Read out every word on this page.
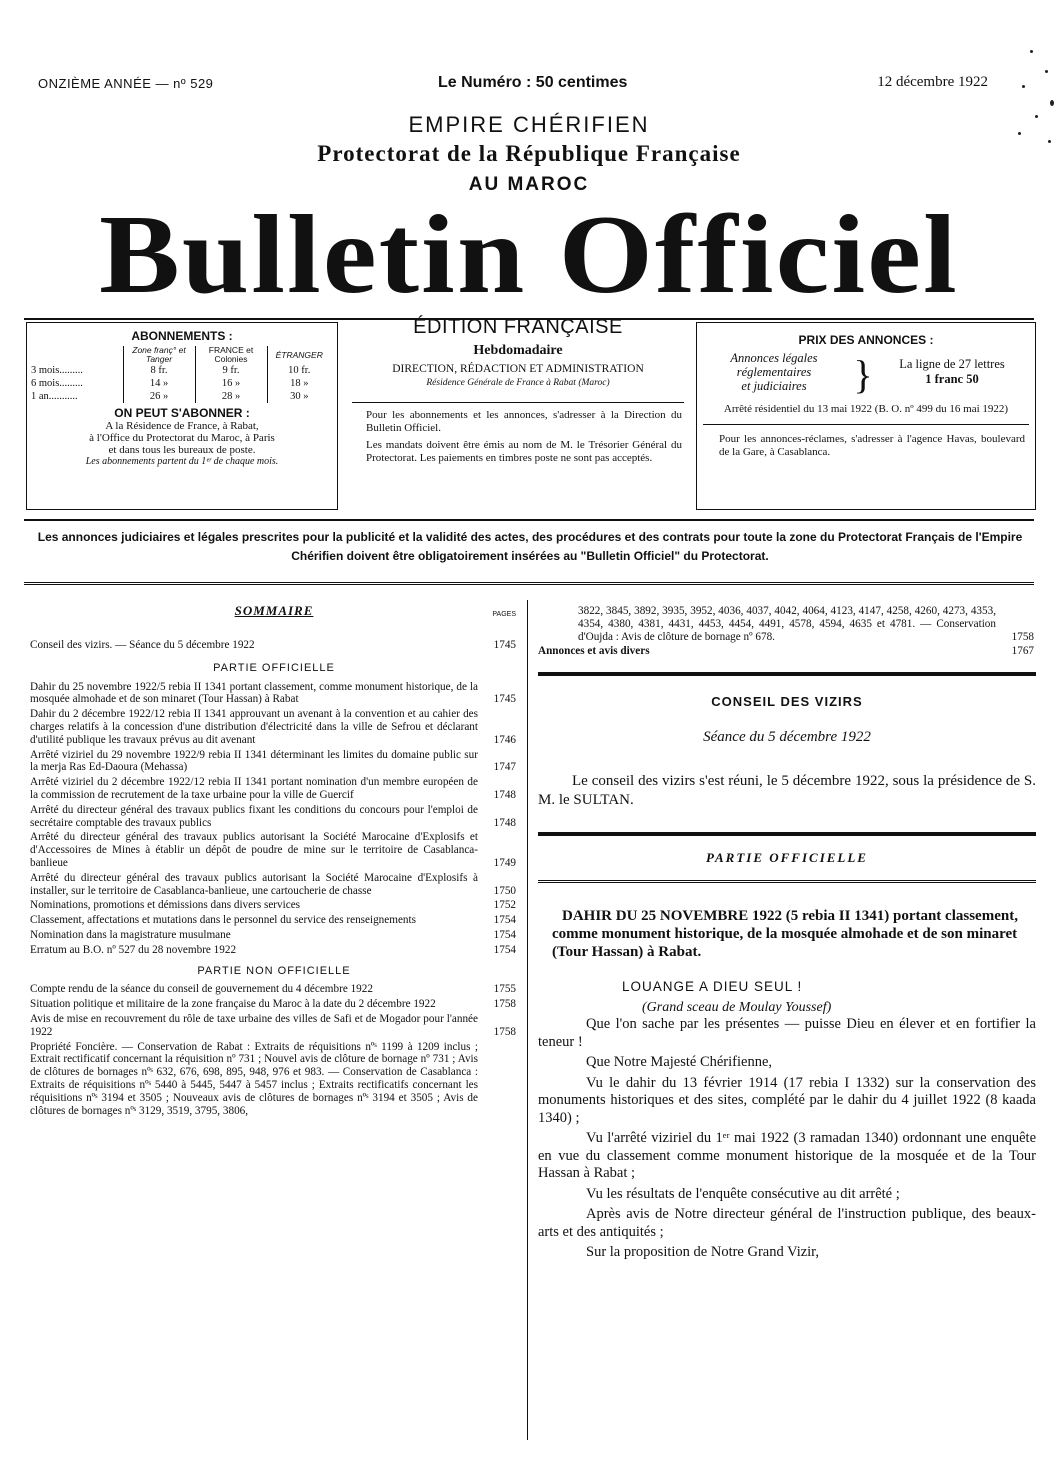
ONZIÈME ANNÉE — nº 529	Le Numéro : 50 centimes	12 décembre 1922
EMPIRE CHÉRIFIEN
Protectorat de la République Française
AU MAROC
Bulletin Officiel
ABONNEMENTS :
	Zone franç° et Tanger	FRANCE et Colonies	ÉTRANGER
3 mois.........	8 fr.	9 fr.	10 fr.
6 mois.........	14 »	16 »	18 »
1 an...........	26 »	28 »	30 »
ON PEUT S'ABONNER :
A la Résidence de France, à Rabat,
à l'Office du Protectorat du Maroc, à Paris
et dans tous les bureaux de poste.
Les abonnements partent du 1ᵉʳ de chaque mois.
ÉDITION FRANÇAISE
Hebdomadaire
DIRECTION, RÉDACTION ET ADMINISTRATION
Résidence Générale de France à Rabat (Maroc)
Pour les abonnements et les annonces, s'adresser à la Direction du Bulletin Officiel.
Les mandats doivent être émis au nom de M. le Trésorier Général du Protectorat. Les paiements en timbres poste ne sont pas acceptés.
PRIX DES ANNONCES :
Annonces légales
réglementaires
et judiciaires	}	La ligne de 27 lettres
1 franc 50
Arrêté résidentiel du 13 mai 1922 (B. O. nº 499 du 16 mai 1922)
Pour les annonces-réclames, s'adresser à l'agence Havas, boulevard de la Gare, à Casablanca.
Les annonces judiciaires et légales prescrites pour la publicité et la validité des actes, des procédures et des contrats pour toute la zone du Protectorat Français de l'Empire Chérifien doivent être obligatoirement insérées au "Bulletin Officiel" du Protectorat.
SOMMAIRE	PAGES
Conseil des vizirs. — Séance du 5 décembre 1922	1745
PARTIE OFFICIELLE
Dahir du 25 novembre 1922/5 rebia II 1341 portant classement, comme monument historique, de la mosquée almohade et de son minaret (Tour Hassan) à Rabat	1745
Dahir du 2 décembre 1922/12 rebia II 1341 approuvant un avenant à la convention et au cahier des charges relatifs à la concession d'une distribution d'électricité dans la ville de Sefrou et déclarant d'utilité publique les travaux prévus au dit avenant	1746
Arrêté viziriel du 29 novembre 1922/9 rebia II 1341 déterminant les limites du domaine public sur la merja Ras Ed-Daoura (Mehassa)	1747
Arrêté viziriel du 2 décembre 1922/12 rebia II 1341 portant nomination d'un membre européen de la commission de recrutement de la taxe urbaine pour la ville de Guercif	1748
Arrêté du directeur général des travaux publics fixant les conditions du concours pour l'emploi de secrétaire comptable des travaux publics	1748
Arrêté du directeur général des travaux publics autorisant la Société Marocaine d'Explosifs et d'Accessoires de Mines à établir un dépôt de poudre de mine sur le territoire de Casablanca-banlieue	1749
Arrêté du directeur général des travaux publics autorisant la Société Marocaine d'Explosifs à installer, sur le territoire de Casablanca-banlieue, une cartoucherie de chasse	1750
Nominations, promotions et démissions dans divers services	1752
Classement, affectations et mutations dans le personnel du service des renseignements	1754
Nomination dans la magistrature musulmane	1754
Erratum au B.O. nº 527 du 28 novembre 1922	1754
PARTIE NON OFFICIELLE
Compte rendu de la séance du conseil de gouvernement du 4 décembre 1922	1755
Situation politique et militaire de la zone française du Maroc à la date du 2 décembre 1922	1758
Avis de mise en recouvrement du rôle de taxe urbaine des villes de Safi et de Mogador pour l'année 1922	1758
Propriété Foncière. — Conservation de Rabat : Extraits de réquisitions nºˢ 1199 à 1209 inclus ; Extrait rectificatif concernant la réquisition nº 731 ; Nouvel avis de clôture de bornage nº 731 ; Avis de clôtures de bornages nºˢ 632, 676, 698, 895, 948, 976 et 983. — Conservation de Casablanca : Extraits de réquisitions nºˢ 5440 à 5445, 5447 à 5457 inclus ; Extraits rectificatifs concernant les réquisitions nºˢ 3194 et 3505 ; Nouveaux avis de clôtures de bornages nºˢ 3194 et 3505 ; Avis de clôtures de bornages nºˢ 3129, 3519, 3795, 3806,
3822, 3845, 3892, 3935, 3952, 4036, 4037, 4042, 4064, 4123, 4147, 4258, 4260, 4273, 4353, 4354, 4380, 4381, 4431, 4453, 4454, 4491, 4578, 4594, 4635 et 4781. — Conservation d'Oujda : Avis de clôture de bornage nº 678.	1758
Annonces et avis divers	1767
CONSEIL DES VIZIRS
Séance du 5 décembre 1922
Le conseil des vizirs s'est réuni, le 5 décembre 1922, sous la présidence de S. M. le SULTAN.
PARTIE OFFICIELLE
DAHIR DU 25 NOVEMBRE 1922 (5 rebia II 1341) portant classement, comme monument historique, de la mosquée almohade et de son minaret (Tour Hassan) à Rabat.
LOUANGE A DIEU SEUL !
(Grand sceau de Moulay Youssef)
Que l'on sache par les présentes — puisse Dieu en élever et en fortifier la teneur !
Que Notre Majesté Chérifienne,
Vu le dahir du 13 février 1914 (17 rebia I 1332) sur la conservation des monuments historiques et des sites, complété par le dahir du 4 juillet 1922 (8 kaada 1340) ;
Vu l'arrêté viziriel du 1ᵉʳ mai 1922 (3 ramadan 1340) ordonnant une enquête en vue du classement comme monument historique de la mosquée et de la Tour Hassan à Rabat ;
Vu les résultats de l'enquête consécutive au dit arrêté ;
Après avis de Notre directeur général de l'instruction publique, des beaux-arts et des antiquités ;
Sur la proposition de Notre Grand Vizir,
